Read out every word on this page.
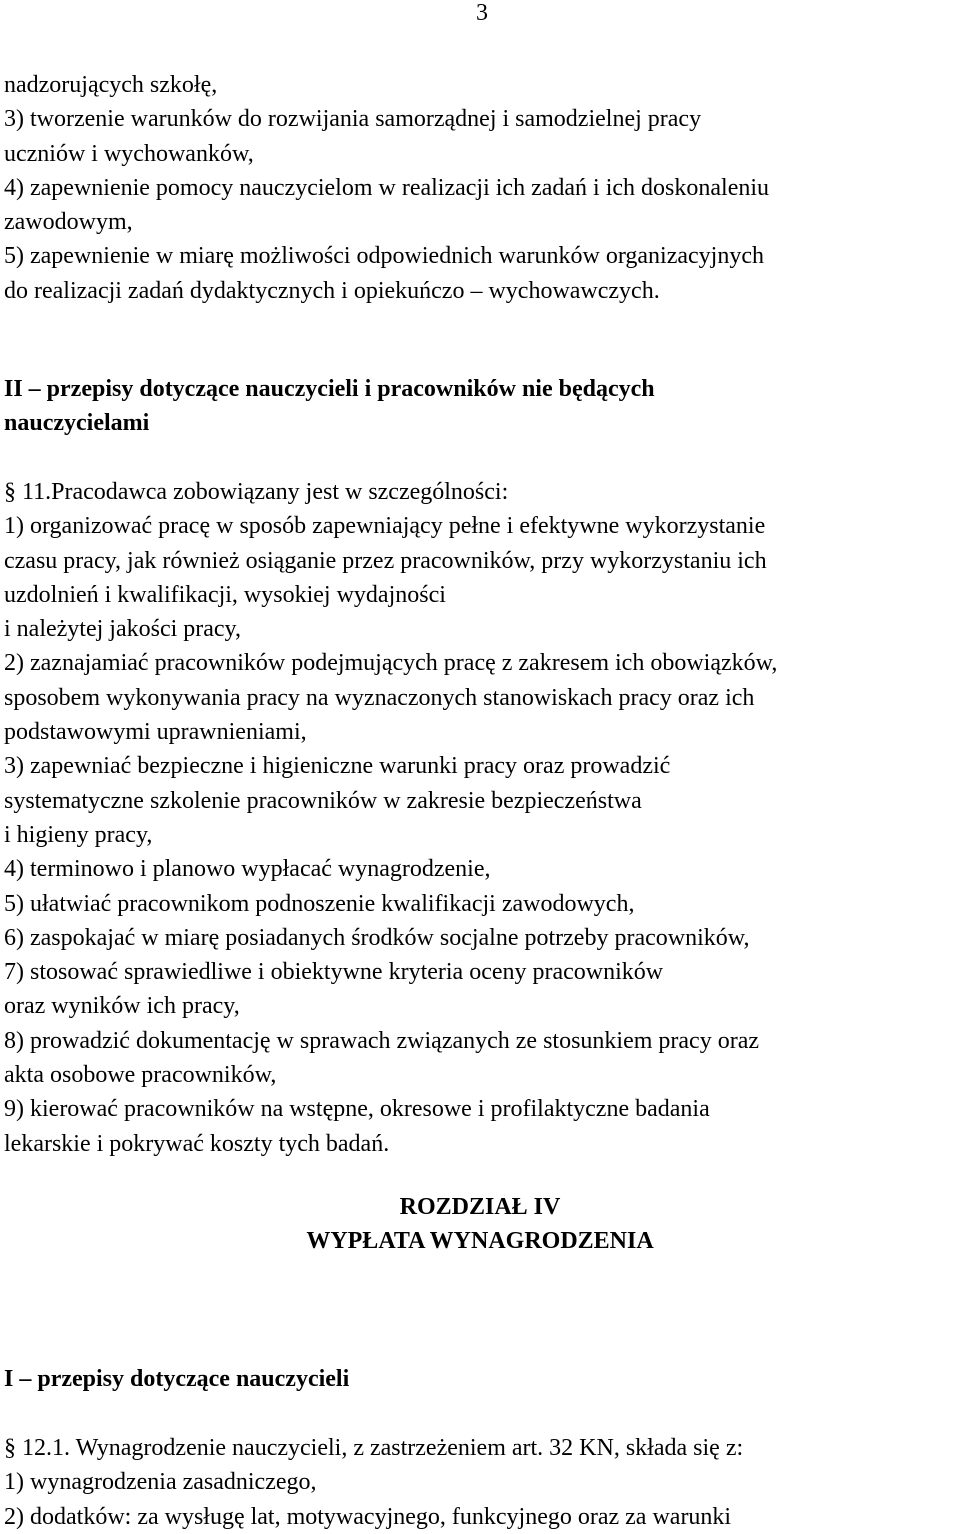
3
nadzorujących szkołę,
3) tworzenie warunków do rozwijania samorządnej i samodzielnej pracy
uczniów i wychowanków,
4) zapewnienie pomocy nauczycielom w realizacji ich zadań i ich doskonaleniu
zawodowym,
5) zapewnienie w miarę możliwości odpowiednich warunków organizacyjnych
do realizacji zadań dydaktycznych i opiekuńczo – wychowawczych.
II – przepisy dotyczące nauczycieli i pracowników nie będących
nauczycielami
§ 11.Pracodawca zobowiązany jest w szczególności:
1) organizować pracę w sposób zapewniający pełne i efektywne wykorzystanie
czasu pracy, jak również osiąganie przez pracowników, przy wykorzystaniu ich
uzdolnień i kwalifikacji, wysokiej wydajności
i należytej jakości pracy,
2) zaznajamiać pracowników podejmujących pracę z zakresem ich obowiązków,
sposobem wykonywania pracy na wyznaczonych stanowiskach pracy oraz ich
podstawowymi uprawnieniami,
3) zapewniać bezpieczne i higieniczne warunki pracy oraz prowadzić
systematyczne szkolenie pracowników w zakresie bezpieczeństwa
i higieny pracy,
4) terminowo i planowo wypłacać wynagrodzenie,
5) ułatwiać pracownikom podnoszenie kwalifikacji zawodowych,
6) zaspokajać w miarę posiadanych środków socjalne potrzeby pracowników,
7) stosować sprawiedliwe i obiektywne kryteria oceny pracowników
oraz wyników ich pracy,
8) prowadzić dokumentację w sprawach związanych ze stosunkiem pracy oraz
akta osobowe pracowników,
9) kierować pracowników na wstępne, okresowe i profilaktyczne badania
lekarskie i pokrywać koszty tych badań.
ROZDZIAŁ IV
WYPŁATA WYNAGRODZENIA
I – przepisy dotyczące nauczycieli
§ 12.1. Wynagrodzenie nauczycieli, z zastrzeżeniem art. 32 KN, składa się z:
1) wynagrodzenia zasadniczego,
2) dodatków: za wysługę lat, motywacyjnego, funkcyjnego oraz za warunki
